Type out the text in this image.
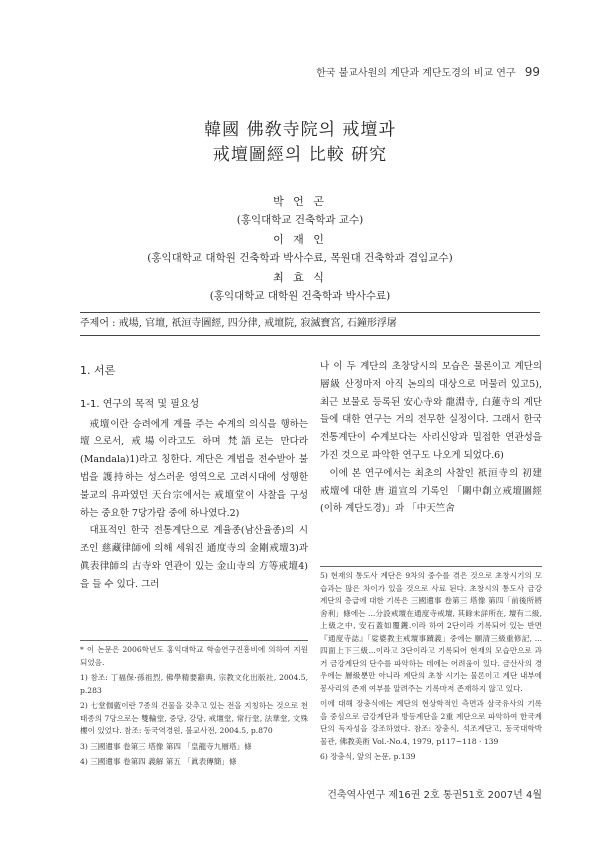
한국 불교사원의 계단과 계단도경의 비교 연구 99
韓國 佛敎寺院의 戒壇과
戒壇圖經의 比較 硏究
박 언 곤
(홍익대학교 건축학과 교수)
이 재 인
(홍익대학교 대학원 건축학과 박사수료, 목원대 건축학과 겸임교수)
최 효 식
(홍익대학교 대학원 건축학과 박사수료)
주제어 : 戒場, 官壇, 祇洹寺圖經, 四分律, 戒壇院, 寂滅寶宮, 石鐘形浮屠
1. 서론
1-1. 연구의 목적 및 필요성

戒壇이란 승려에게 계를 주는 수계의 의식을 행하는 壇으로서, 戒場이라고도 하며 梵語로는 만다라(Mandala)1)라고 칭한다. 계단은 계법을 전수받아 불법을 護持하는 성스러운 영역으로 고려시대에 성행한 불교의 유파였던 天台宗에서는 戒壇堂이 사찰을 구성하는 중요한 7당가람 중에 하나였다.2)

대표적인 한국 전통계단으로 계율종(남산율종)의 시조인 慈藏律師에 의해 세워진 通度寺의 金剛戒壇3)과 眞表律師의 古寺와 연관이 있는 金山寺의 方等戒壇4)을 들 수 있다. 그러

나 이 두 계단의 초창당시의 모습은 물론이고 계단의 層級 산정마저 아직 논의의 대상으로 머물러 있고5), 최근 보물로 등록된 安心寺와 龍淵寺, 白蓮寺의 계단들에 대한 연구는 거의 전무한 실정이다. 그래서 한국 전통계단이 수계보다는 사리신앙과 밀접한 연관성을 가진 것으로 파악한 연구도 나오게 되었다.6)

이에 본 연구에서는 최초의 사찰인 祇洹寺의 初建戒壇에 대한 唐 道宣의 기록인 「關中創立戒壇圖經(이하 계단도경)」과 「中天竺舍

* 이 논문은 2006학년도 홍익대학교 학술연구진흥비에 의하여 지원되었음.
1) 참조: 丁福保·孫祖烈, 佛學精要辭典, 宗教文化出版社, 2004.5, p.283
2) 七堂伽藍이란 7종의 건물을 갖추고 있는 전을 지칭하는 것으로 천태종의 7당으로는 雙輪堂, 중당, 강당, 戒壇堂, 常行堂, 法華堂, 文殊樓이 있었다. 참조: 동국역경원, 불교사전, 2004.5, p.870
3) 三國遺事 卷第三 塔像 第四 「皇龍寺九層塔」條
4) 三國遺事 卷第四 義解 第五 「眞表傳簡」條
5) 현재의 통도사 계단은 9차의 중수를 겪은 것으로 초창시기의 모습과는 많은 차이가 있을 것으로 사료 된다. 초창시의 통도사 금강계단의 층급에 대한 기록은 三國遺事 卷第三 塔像 第四「前後所將舍利」條에는 ...分設戒壇在通度寺戒壇, 其餘未詳所在, 壇有二級, 上級之中, 安石蓋如覆鑊.이라 하여 2단이라 기록되어 있는 반면『通度寺誌』「娑婆教主戒壇事蹟義」중에는 願清三級重修記, ...四面上下三級...이라고 3단이라고 기록되어 현재의 모습만으로 과거 금강계단의 단수를 파악하는 데에는 어려움이 있다. 금산사의 경우에는 層級뿐만 아니라 계단의 초창 시기는 물론이고 계단 내부에 봉사리의 존재 여부를 알려주는 기록마저 존재하지 않고 있다.
이에 대해 장충식에는 계단의 현상학적인 측면과 삼국유사의 기록을 중심으로 금강계단과 방등계단을 2重 계단으로 파악하여 한국계단의 독자성을 강조하였다. 참조: 장충식, 석조계단고, 동국대학박물관, 佛教美術 Vol.-No.4, 1979, p117~118 · 139
6) 장충식, 앞의 논문, p.139
건축역사연구 제16권 2호 통권51호 2007년 4월
